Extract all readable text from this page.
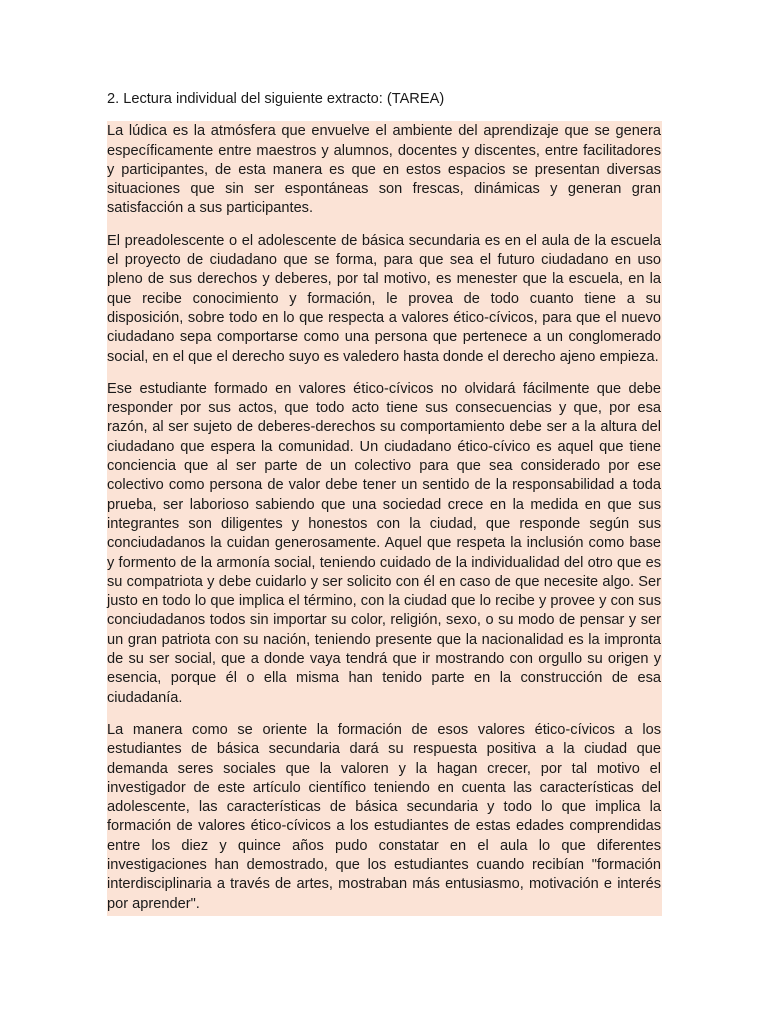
2. Lectura individual del siguiente extracto: (TAREA)

La lúdica es la atmósfera que envuelve el ambiente del aprendizaje que se genera específicamente entre maestros y alumnos, docentes y discentes, entre facilitadores y participantes, de esta manera es que en estos espacios se presentan diversas situaciones que sin ser espontáneas son frescas, dinámicas y generan gran satisfacción a sus participantes.

El preadolescente o el adolescente de básica secundaria es en el aula de la escuela el proyecto de ciudadano que se forma, para que sea el futuro ciudadano en uso pleno de sus derechos y deberes, por tal motivo, es menester que la escuela, en la que recibe conocimiento y formación, le provea de todo cuanto tiene a su disposición, sobre todo en lo que respecta a valores ético-cívicos, para que el nuevo ciudadano sepa comportarse como una persona que pertenece a un conglomerado social, en el que el derecho suyo es valedero hasta donde el derecho ajeno empieza.

Ese estudiante formado en valores ético-cívicos no olvidará fácilmente que debe responder por sus actos, que todo acto tiene sus consecuencias y que, por esa razón, al ser sujeto de deberes-derechos su comportamiento debe ser a la altura del ciudadano que espera la comunidad. Un ciudadano ético-cívico es aquel que tiene conciencia que al ser parte de un colectivo para que sea considerado por ese colectivo como persona de valor debe tener un sentido de la responsabilidad a toda prueba, ser laborioso sabiendo que una sociedad crece en la medida en que sus integrantes son diligentes y honestos con la ciudad, que responde según sus conciudadanos la cuidan generosamente. Aquel que respeta la inclusión como base y formento de la armonía social, teniendo cuidado de la individualidad del otro que es su compatriota y debe cuidarlo y ser solicito con él en caso de que necesite algo. Ser justo en todo lo que implica el término, con la ciudad que lo recibe y provee y con sus conciudadanos todos sin importar su color, religión, sexo, o su modo de pensar y ser un gran patriota con su nación, teniendo presente que la nacionalidad es la impronta de su ser social, que a donde vaya tendrá que ir mostrando con orgullo su origen y esencia, porque él o ella misma han tenido parte en la construcción de esa ciudadanía.

La manera como se oriente la formación de esos valores ético-cívicos a los estudiantes de básica secundaria dará su respuesta positiva a la ciudad que demanda seres sociales que la valoren y la hagan crecer, por tal motivo el investigador de este artículo científico teniendo en cuenta las características del adolescente, las características de básica secundaria y todo lo que implica la formación de valores ético-cívicos a los estudiantes de estas edades comprendidas entre los diez y quince años pudo constatar en el aula lo que diferentes investigaciones han demostrado, que los estudiantes cuando recibían "formación interdisciplinaria a través de artes, mostraban más entusiasmo, motivación e interés por aprender".
